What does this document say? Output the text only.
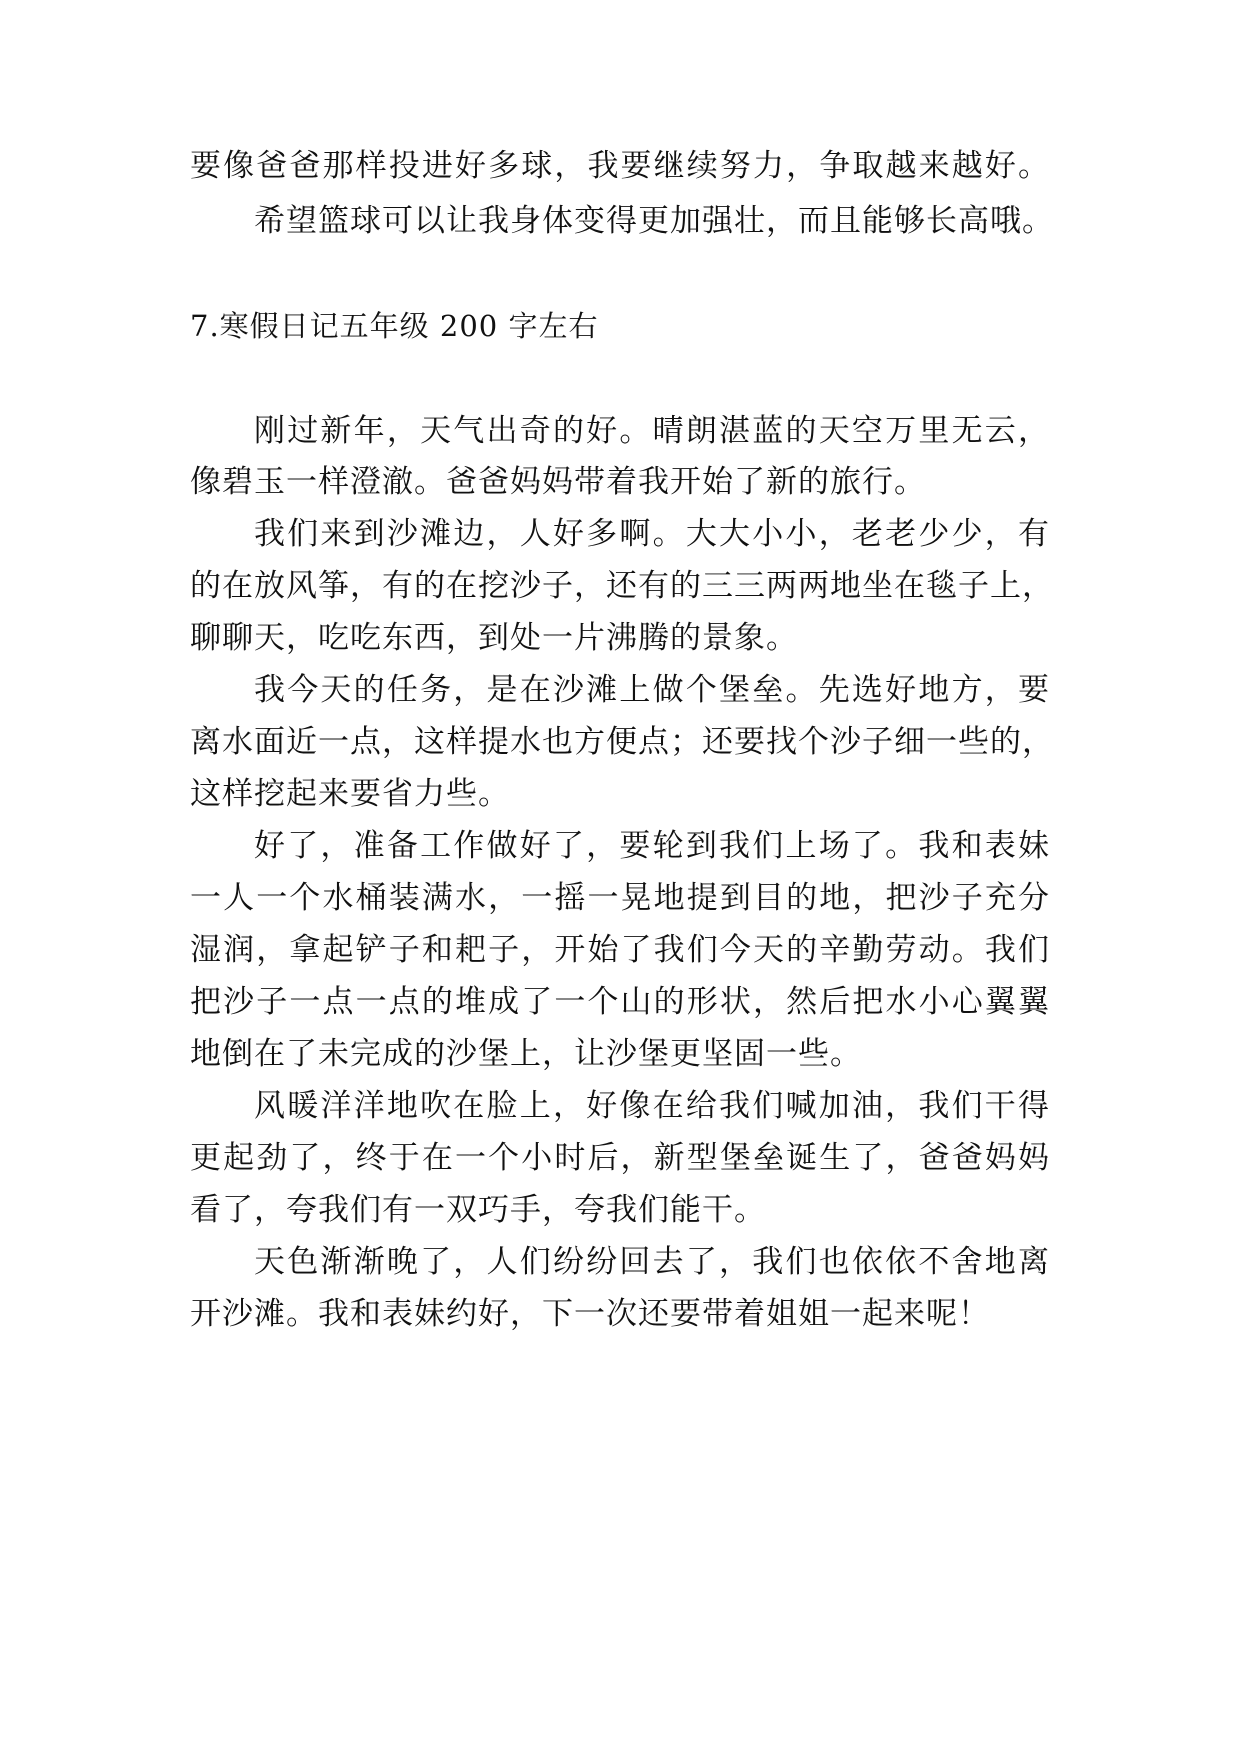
要像爸爸那样投进好多球，我要继续努力，争取越来越好。
希望篮球可以让我身体变得更加强壮，而且能够长高哦。
7.寒假日记五年级 200 字左右
刚过新年，天气出奇的好。晴朗湛蓝的天空万里无云，
像碧玉一样澄澈。爸爸妈妈带着我开始了新的旅行。
我们来到沙滩边，人好多啊。大大小小，老老少少，有
的在放风筝，有的在挖沙子，还有的三三两两地坐在毯子上，
聊聊天，吃吃东西，到处一片沸腾的景象。
我今天的任务，是在沙滩上做个堡垒。先选好地方，要
离水面近一点，这样提水也方便点；还要找个沙子细一些的，
这样挖起来要省力些。
好了，准备工作做好了，要轮到我们上场了。我和表妹
一人一个水桶装满水，一摇一晃地提到目的地，把沙子充分
湿润，拿起铲子和耙子，开始了我们今天的辛勤劳动。我们
把沙子一点一点的堆成了一个山的形状，然后把水小心翼翼
地倒在了未完成的沙堡上，让沙堡更坚固一些。
风暖洋洋地吹在脸上，好像在给我们喊加油，我们干得
更起劲了，终于在一个小时后，新型堡垒诞生了，爸爸妈妈
看了，夸我们有一双巧手，夸我们能干。
天色渐渐晚了，人们纷纷回去了，我们也依依不舍地离
开沙滩。我和表妹约好，下一次还要带着姐姐一起来呢！
